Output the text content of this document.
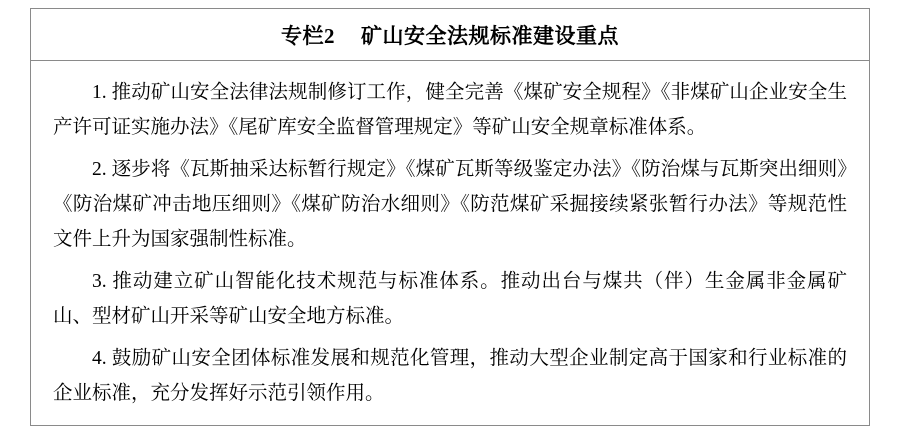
专栏2 矿山安全法规标准建设重点

1. 推动矿山安全法律法规制修订工作，健全完善《煤矿安全规程》《非煤矿山企业安全生产许可证实施办法》《尾矿库安全监督管理规定》等矿山安全规章标准体系。

2. 逐步将《瓦斯抽采达标暂行规定》《煤矿瓦斯等级鉴定办法》《防治煤与瓦斯突出细则》《防治煤矿冲击地压细则》《煤矿防治水细则》《防范煤矿采掘接续紧张暂行办法》等规范性文件上升为国家强制性标准。

3. 推动建立矿山智能化技术规范与标准体系。推动出台与煤共（伴）生金属非金属矿山、型材矿山开采等矿山安全地方标准。

4. 鼓励矿山安全团体标准发展和规范化管理，推动大型企业制定高于国家和行业标准的企业标准，充分发挥好示范引领作用。
